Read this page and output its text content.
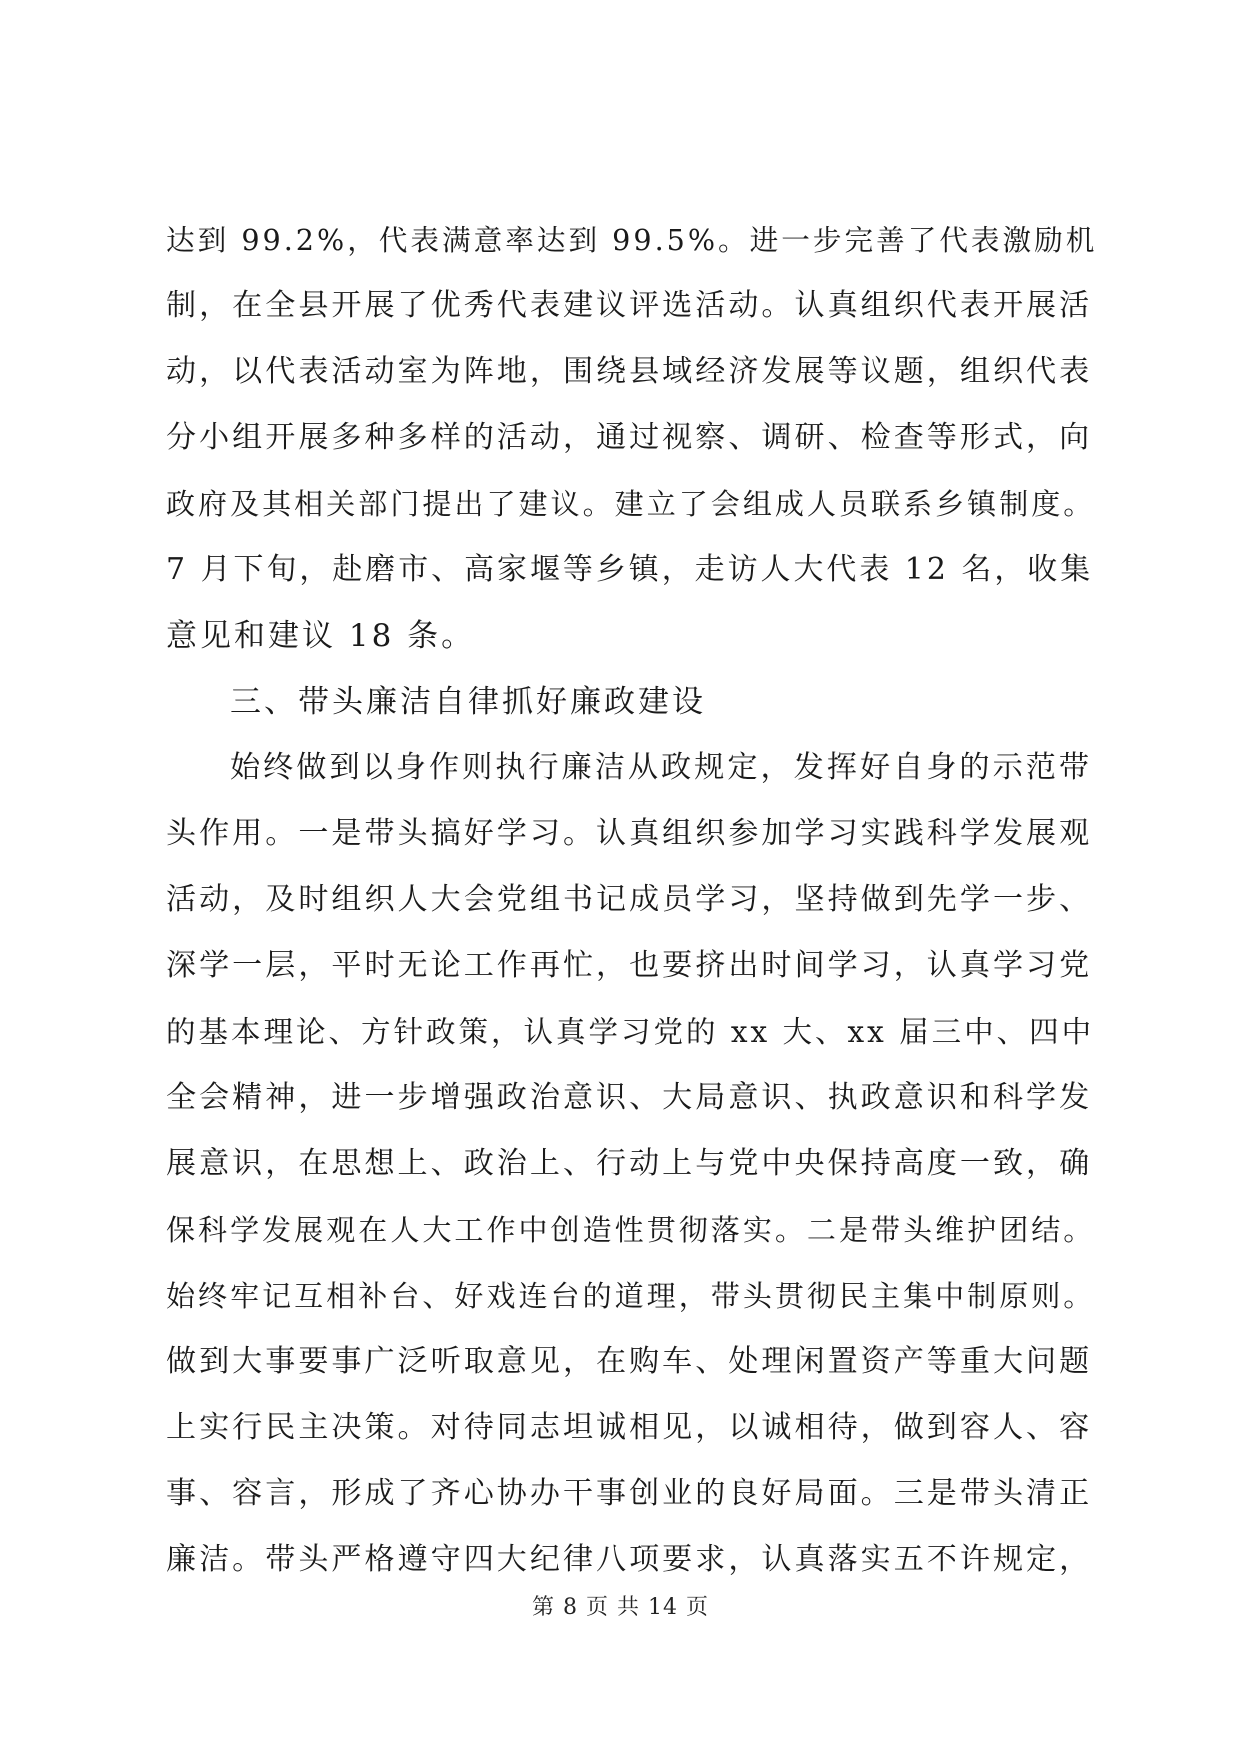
达到 99.2%，代表满意率达到 99.5%。进一步完善了代表激励机
制，在全县开展了优秀代表建议评选活动。认真组织代表开展活
动，以代表活动室为阵地，围绕县域经济发展等议题，组织代表
分小组开展多种多样的活动，通过视察、调研、检查等形式，向
政府及其相关部门提出了建议。建立了会组成人员联系乡镇制度。
7 月下旬，赴磨市、高家堰等乡镇，走访人大代表 12 名，收集
意见和建议 18 条。
三、带头廉洁自律抓好廉政建设
始终做到以身作则执行廉洁从政规定，发挥好自身的示范带
头作用。一是带头搞好学习。认真组织参加学习实践科学发展观
活动，及时组织人大会党组书记成员学习，坚持做到先学一步、
深学一层，平时无论工作再忙，也要挤出时间学习，认真学习党
的基本理论、方针政策，认真学习党的 xx 大、xx 届三中、四中
全会精神，进一步增强政治意识、大局意识、执政意识和科学发
展意识，在思想上、政治上、行动上与党中央保持高度一致，确
保科学发展观在人大工作中创造性贯彻落实。二是带头维护团结。
始终牢记互相补台、好戏连台的道理，带头贯彻民主集中制原则。
做到大事要事广泛听取意见，在购车、处理闲置资产等重大问题
上实行民主决策。对待同志坦诚相见，以诚相待，做到容人、容
事、容言，形成了齐心协办干事创业的良好局面。三是带头清正
廉洁。带头严格遵守四大纪律八项要求，认真落实五不许规定，
第 8 页 共 14 页
